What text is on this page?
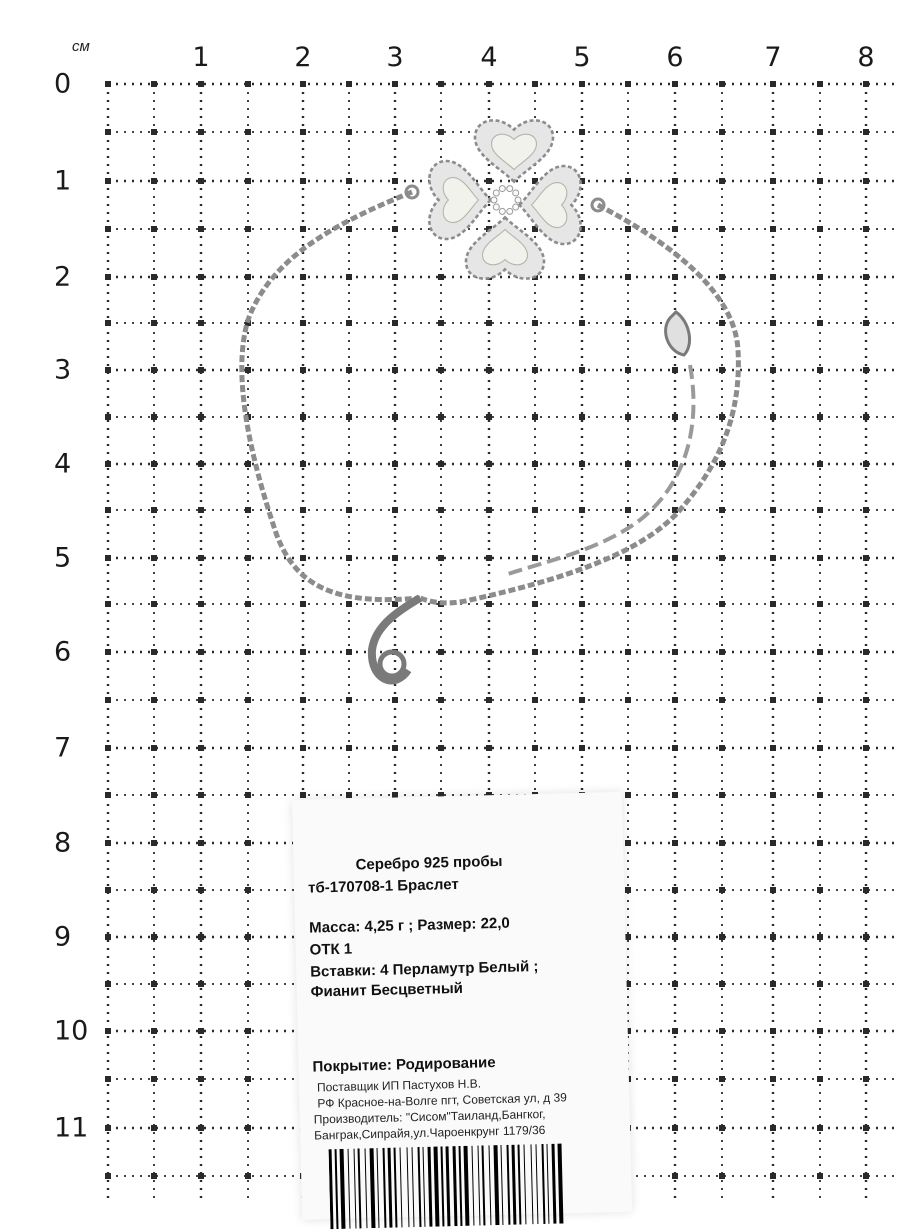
см	1	2	3	4	5	6	7	8
0
1
2
3
4
5
6
7
8
9
10
11
Серебро 925 пробы
тб-170708-1 Браслет
Масса: 4,25 г ; Размер: 22,0
ОТК 1
Вставки: 4 Перламутр Белый ;
Фианит Бесцветный
Покрытие: Родирование
Поставщик ИП Пастухов Н.В.
РФ Красное-на-Волге пгт, Советская ул, д 39
Производитель: "Сисом"Таиланд,Бангког,
Банграк,Сипрайя,ул.Чароенкрунг 1179/36
